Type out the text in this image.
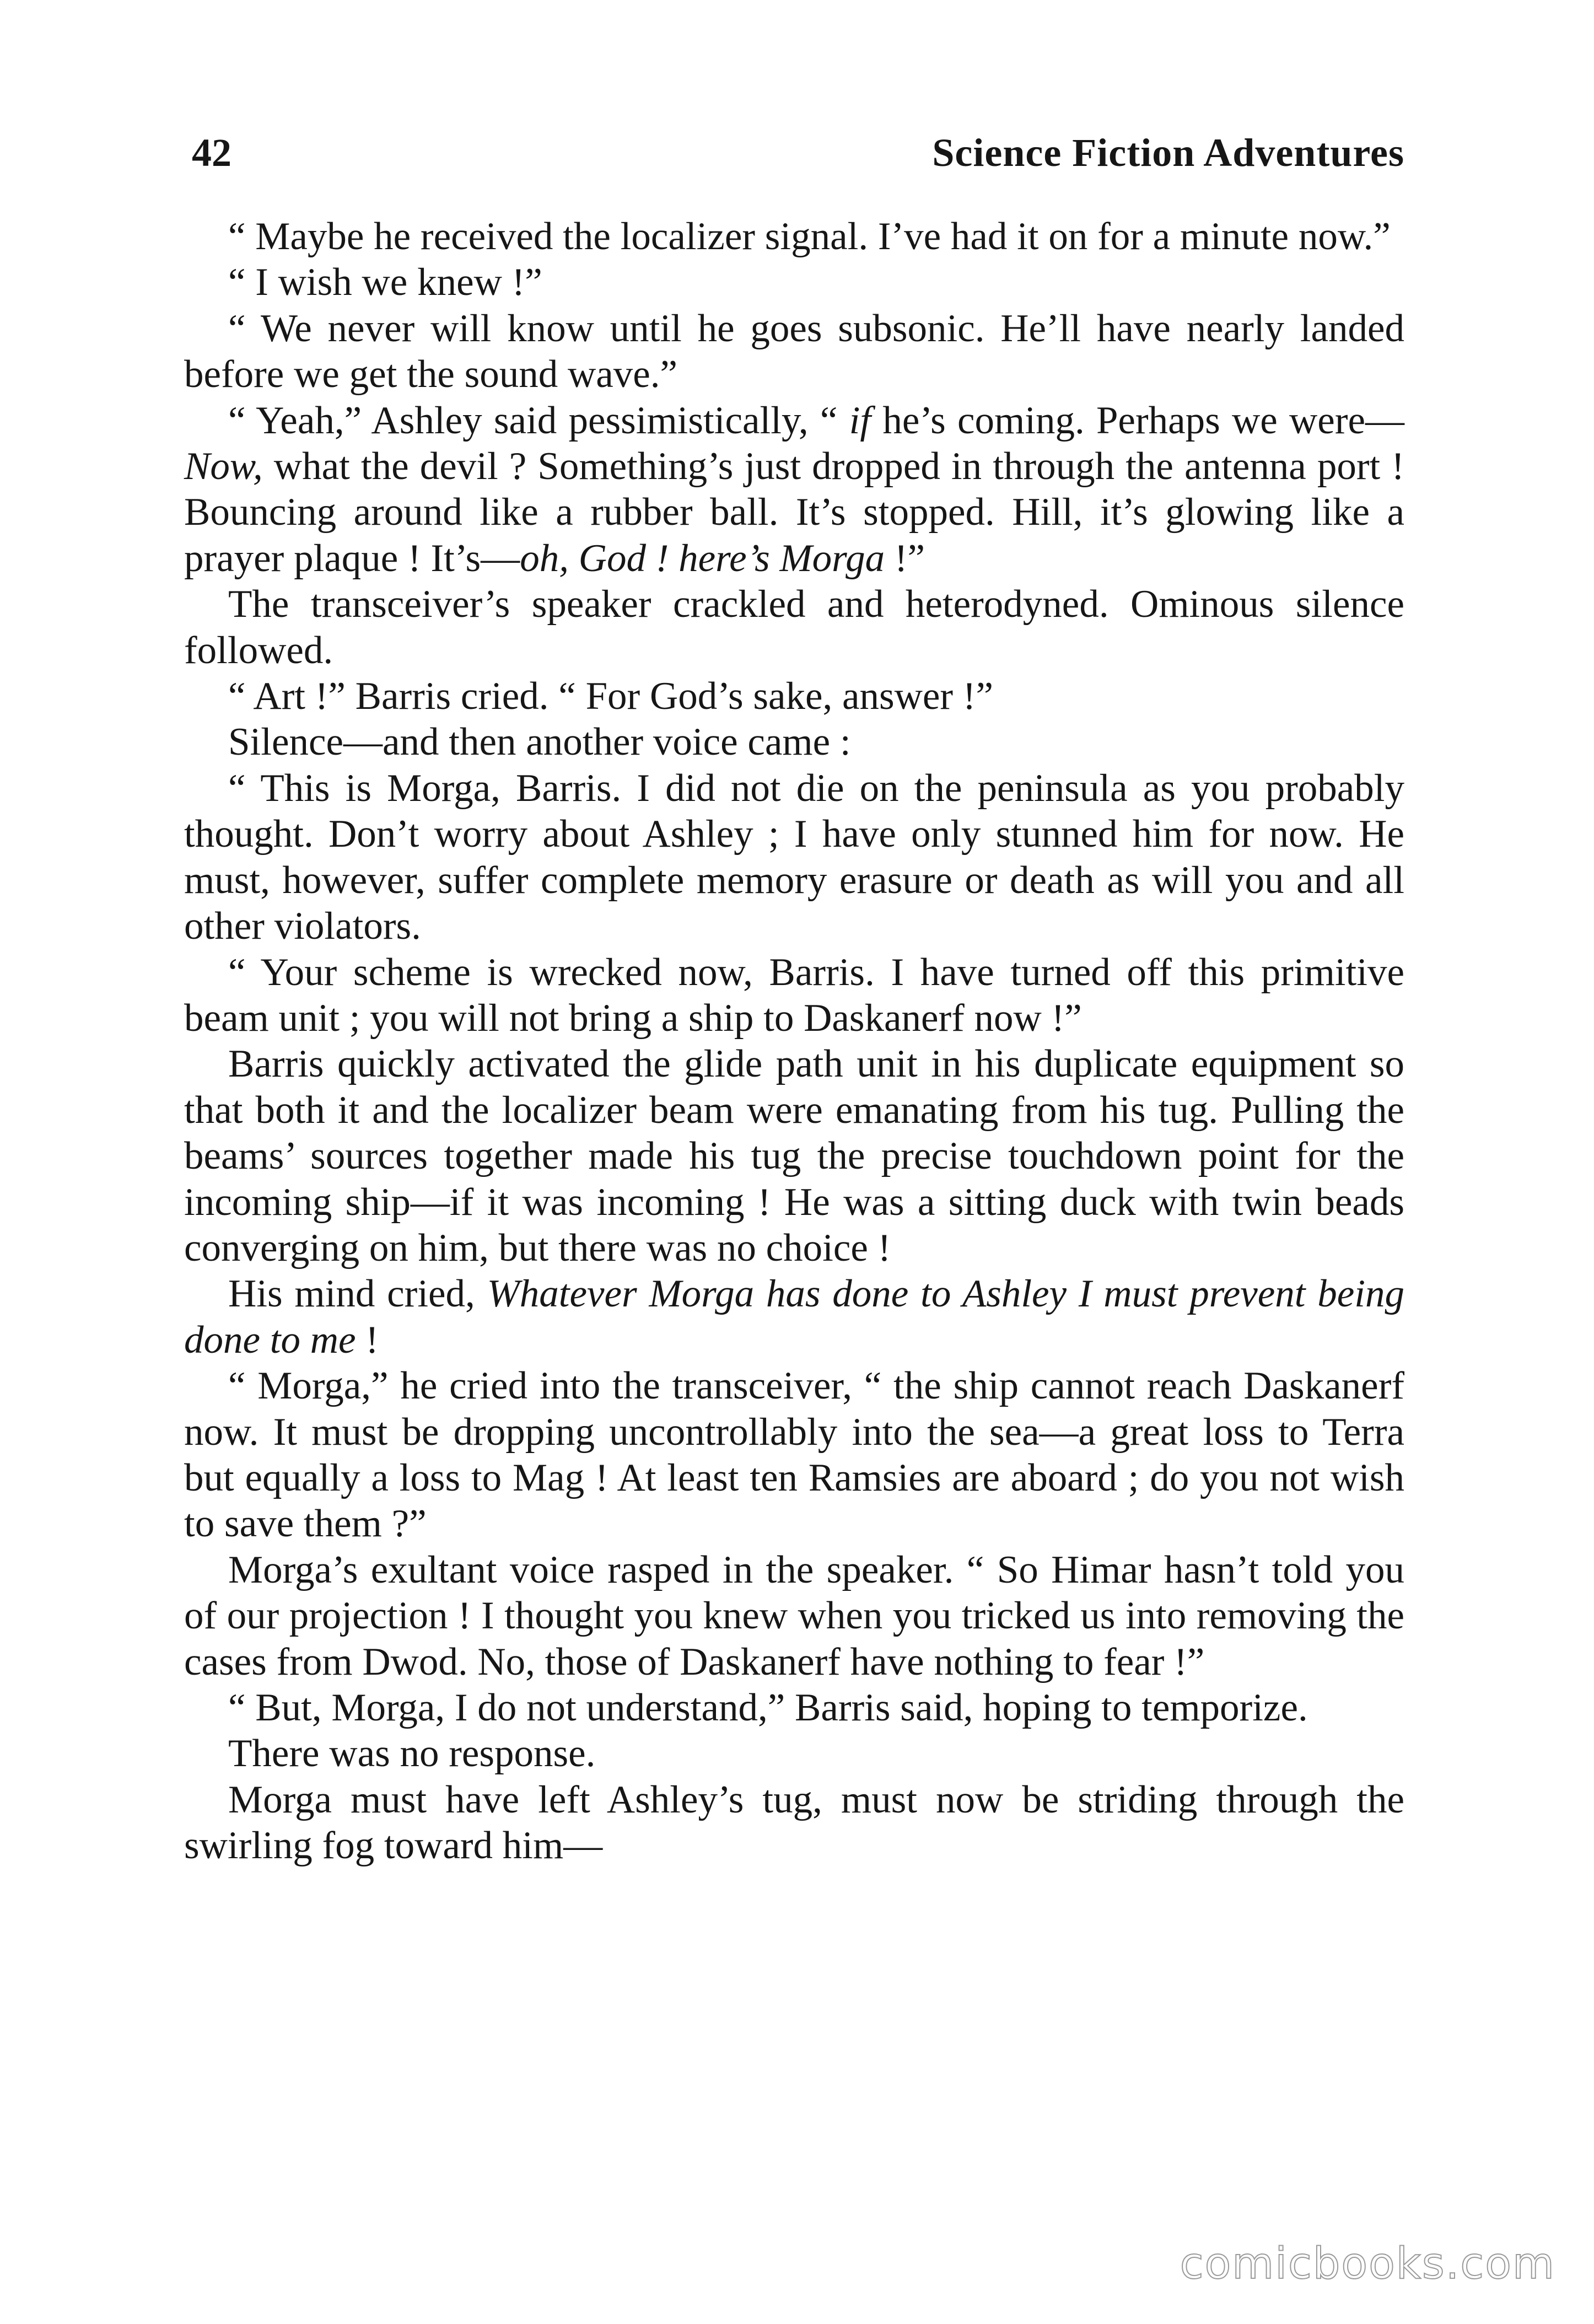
42	Science Fiction Adventures

“ Maybe he received the localizer signal. I’ve had it on for a minute now.”

“ I wish we knew !”

“ We never will know until he goes subsonic. He’ll have nearly landed before we get the sound wave.”

“ Yeah,” Ashley said pessimistically, “ if he’s coming. Perhaps we were—Now, what the devil ? Something’s just dropped in through the antenna port ! Bouncing around like a rubber ball. It’s stopped. Hill, it’s glowing like a prayer plaque ! It’s—oh, God ! here’s Morga !”

The transceiver’s speaker crackled and heterodyned. Ominous silence followed.

“ Art !” Barris cried. “ For God’s sake, answer !”

Silence—and then another voice came :

“ This is Morga, Barris. I did not die on the peninsula as you probably thought. Don’t worry about Ashley ; I have only stunned him for now. He must, however, suffer complete memory erasure or death as will you and all other violators.

“ Your scheme is wrecked now, Barris. I have turned off this primitive beam unit ; you will not bring a ship to Daskanerf now !”

Barris quickly activated the glide path unit in his duplicate equipment so that both it and the localizer beam were emanating from his tug. Pulling the beams’ sources together made his tug the precise touchdown point for the incoming ship—if it was incoming ! He was a sitting duck with twin beads converging on him, but there was no choice !

His mind cried, Whatever Morga has done to Ashley I must prevent being done to me !

“ Morga,” he cried into the transceiver, “ the ship cannot reach Daskanerf now. It must be dropping uncontrollably into the sea—a great loss to Terra but equally a loss to Mag ! At least ten Ramsies are aboard ; do you not wish to save them ?”

Morga’s exultant voice rasped in the speaker. “ So Himar hasn’t told you of our projection ! I thought you knew when you tricked us into removing the cases from Dwod. No, those of Daskanerf have nothing to fear !”

“ But, Morga, I do not understand,” Barris said, hoping to temporize.

There was no response.

Morga must have left Ashley’s tug, must now be striding through the swirling fog toward him—

comicbooks.com
